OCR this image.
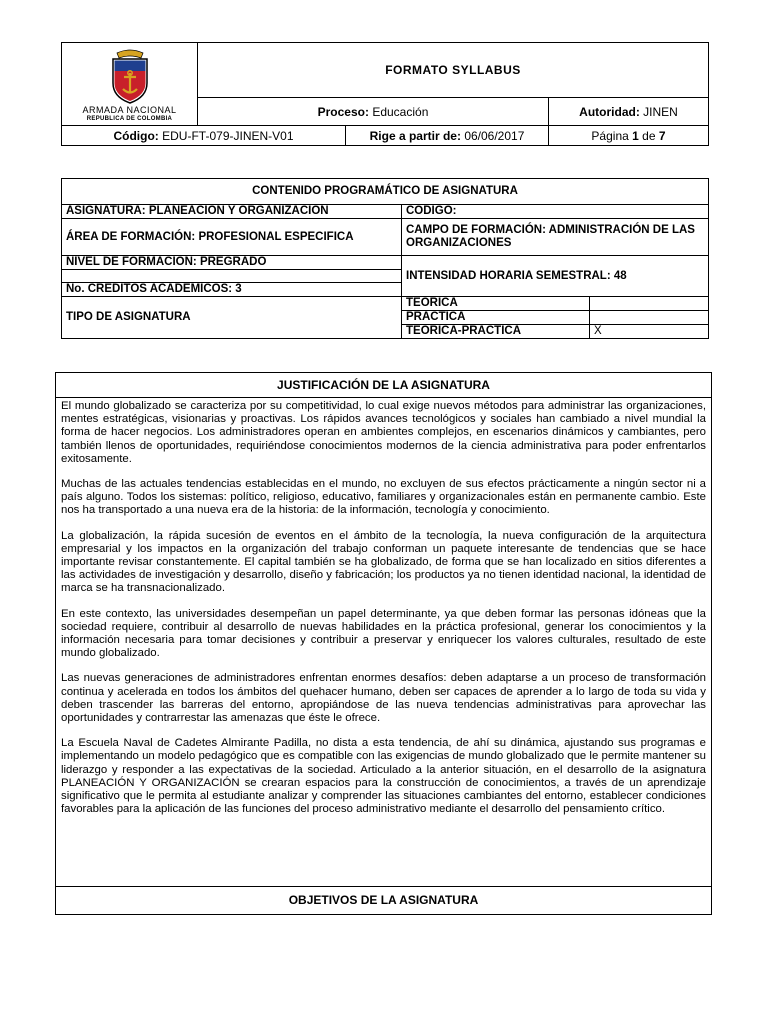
ARMADA NACIONAL
REPUBLICA DE COLOMBIA	FORMATO SYLLABUS		
	Proceso: Educación		Autoridad: JINEN
Código: EDU-FT-079-JINEN-V01		Rige a partir de: 06/06/2017	Página 1 de 7
CONTENIDO PROGRAMÁTICO DE ASIGNATURA		
ASIGNATURA: PLANEACIÓN Y ORGANIZACIÓN	CODIGO:	
ÁREA DE FORMACIÓN: PROFESIONAL ESPECIFICA	CAMPO DE FORMACIÓN: ADMINISTRACIÓN DE LAS ORGANIZACIONES	
NIVEL DE FORMACIÓN: PREGRADO	INTENSIDAD HORARIA SEMESTRAL: 48	

No. CRÉDITOS ACADÉMICOS: 3		
TIPO DE ASIGNATURA	TEÓRICA	
	PRÁCTICA	
	TEÓRICA-PRÁCTICA	X
JUSTIFICACIÓN DE LA ASIGNATURA

El mundo globalizado se caracteriza por su competitividad, lo cual exige nuevos métodos para administrar las organizaciones, mentes estratégicas, visionarias y proactivas. Los rápidos avances tecnológicos y sociales han cambiado a nivel mundial la forma de hacer negocios. Los administradores operan en ambientes complejos, en escenarios dinámicos y cambiantes, pero también llenos de oportunidades, requiriéndose conocimientos modernos de la ciencia administrativa para poder enfrentarlos exitosamente.

Muchas de las actuales tendencias establecidas en el mundo, no excluyen de sus efectos prácticamente a ningún sector ni a país alguno. Todos los sistemas: político, religioso, educativo, familiares y organizacionales están en permanente cambio. Este nos ha transportado a una nueva era de la historia: de la información, tecnología y conocimiento.

La globalización, la rápida sucesión de eventos en el ámbito de la tecnología, la nueva configuración de la arquitectura empresarial y los impactos en la organización del trabajo conforman un paquete interesante de tendencias que se hace importante revisar constantemente. El capital también se ha globalizado, de forma que se han localizado en sitios diferentes a las actividades de investigación y desarrollo, diseño y fabricación; los productos ya no tienen identidad nacional, la identidad de marca se ha transnacionalizado.

En este contexto, las universidades desempeñan un papel determinante, ya que deben formar las personas idóneas que la sociedad requiere, contribuir al desarrollo de nuevas habilidades en la práctica profesional, generar los conocimientos y la información necesaria para tomar decisiones y contribuir a preservar y enriquecer los valores culturales, resultado de este mundo globalizado.

Las nuevas generaciones de administradores enfrentan enormes desafíos: deben adaptarse a un proceso de transformación continua y acelerada en todos los ámbitos del quehacer humano, deben ser capaces de aprender a lo largo de toda su vida y deben trascender las barreras del entorno, apropiándose de las nueva tendencias administrativas para aprovechar las oportunidades y contrarrestar las amenazas que éste le ofrece.

La Escuela Naval de Cadetes Almirante Padilla, no dista a esta tendencia, de ahí su dinámica, ajustando sus programas e implementando un modelo pedagógico que es compatible con las exigencias de mundo globalizado que le permite mantener su liderazgo y responder a las expectativas de la sociedad. Articulado a la anterior situación, en el desarrollo de la asignatura PLANEACIÓN Y ORGANIZACIÓN se crearan espacios para la construcción de conocimientos, a través de un aprendizaje significativo que le permita al estudiante analizar y comprender las situaciones cambiantes del entorno, establecer condiciones favorables para la aplicación de las funciones del proceso administrativo mediante el desarrollo del pensamiento crítico.

OBJETIVOS DE LA ASIGNATURA
